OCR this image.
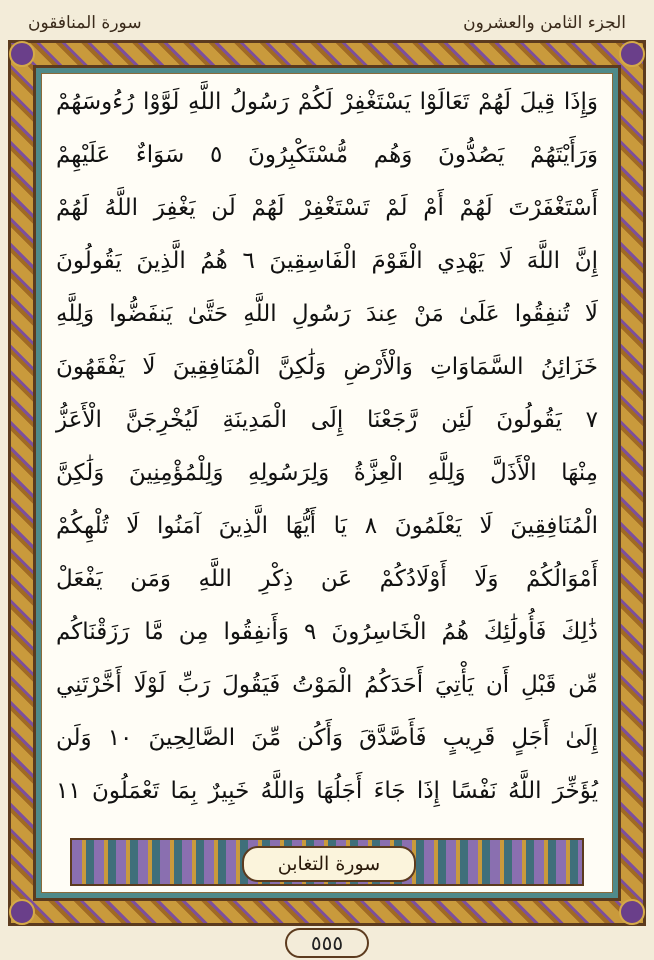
سورة المنافقون	الجزء الثامن والعشرون
وَإِذَا قِيلَ لَهُمْ تَعَالَوْا يَسْتَغْفِرْ لَكُمْ رَسُولُ اللَّهِ لَوَّوْا رُءُوسَهُمْ
وَرَأَيْتَهُمْ يَصُدُّونَ وَهُم مُّسْتَكْبِرُونَ ٥ سَوَاءٌ عَلَيْهِمْ
أَسْتَغْفَرْتَ لَهُمْ أَمْ لَمْ تَسْتَغْفِرْ لَهُمْ لَن يَغْفِرَ اللَّهُ لَهُمْ
إِنَّ اللَّهَ لَا يَهْدِي الْقَوْمَ الْفَاسِقِينَ ٦ هُمُ الَّذِينَ يَقُولُونَ
لَا تُنفِقُوا عَلَىٰ مَنْ عِندَ رَسُولِ اللَّهِ حَتَّىٰ يَنفَضُّوا وَلِلَّهِ
خَزَائِنُ السَّمَاوَاتِ وَالْأَرْضِ وَلَٰكِنَّ الْمُنَافِقِينَ لَا يَفْقَهُونَ
٧ يَقُولُونَ لَئِن رَّجَعْنَا إِلَى الْمَدِينَةِ لَيُخْرِجَنَّ الْأَعَزُّ
مِنْهَا الْأَذَلَّ وَلِلَّهِ الْعِزَّةُ وَلِرَسُولِهِ وَلِلْمُؤْمِنِينَ وَلَٰكِنَّ
الْمُنَافِقِينَ لَا يَعْلَمُونَ ٨ يَا أَيُّهَا الَّذِينَ آمَنُوا لَا تُلْهِكُمْ
أَمْوَالُكُمْ وَلَا أَوْلَادُكُمْ عَن ذِكْرِ اللَّهِ وَمَن يَفْعَلْ
ذَٰلِكَ فَأُولَٰئِكَ هُمُ الْخَاسِرُونَ ٩ وَأَنفِقُوا مِن مَّا رَزَقْنَاكُم
مِّن قَبْلِ أَن يَأْتِيَ أَحَدَكُمُ الْمَوْتُ فَيَقُولَ رَبِّ لَوْلَا أَخَّرْتَنِي
إِلَىٰ أَجَلٍ قَرِيبٍ فَأَصَّدَّقَ وَأَكُن مِّنَ الصَّالِحِينَ ١٠ وَلَن
يُؤَخِّرَ اللَّهُ نَفْسًا إِذَا جَاءَ أَجَلُهَا وَاللَّهُ خَبِيرٌ بِمَا تَعْمَلُونَ ١١
سورة التغابن
٥٥٥
